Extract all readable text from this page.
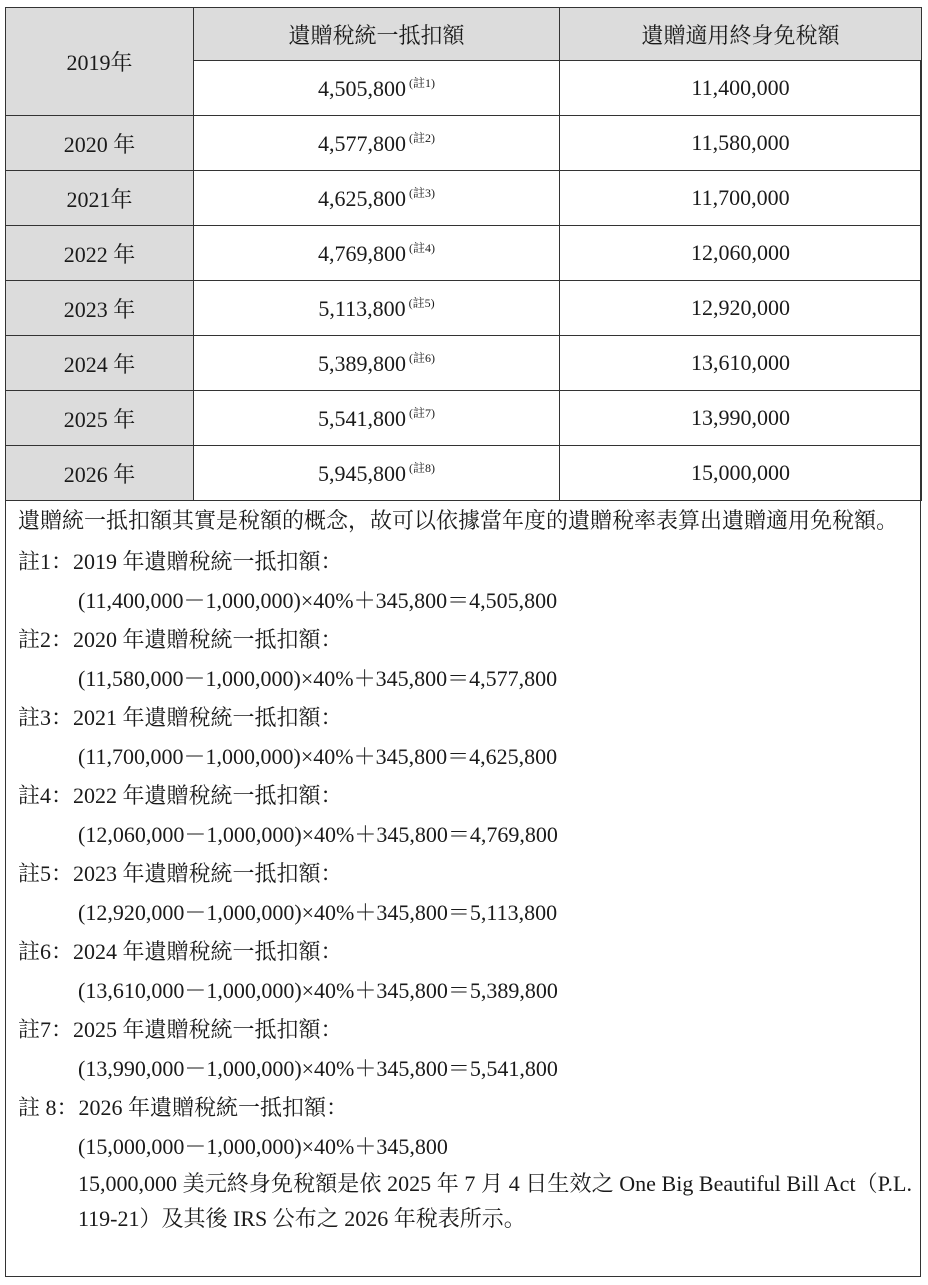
2019年	遺贈稅統一抵扣額	遺贈適用終身免稅額
	4,505,800 $^{(註1)}$	11,400,000
2020 年	4,577,800 $^{(註2)}$	11,580,000
2021年	4,625,800 $^{(註3)}$	11,700,000
2022 年	4,769,800 $^{(註4)}$	12,060,000
2023 年	5,113,800 $^{(註5)}$	12,920,000
2024 年	5,389,800 $^{(註6)}$	13,610,000
2025 年	5,541,800 $^{(註7)}$	13,990,000
2026 年	5,945,800 $^{(註8)}$	15,000,000
遺贈統一抵扣額其實是稅額的概念，故可以依據當年度的遺贈稅率表算出遺贈適用免稅額。
註1：2019 年遺贈稅統一抵扣額：
(11,400,000－1,000,000)×40%＋345,800＝4,505,800
註2：2020 年遺贈稅統一抵扣額：
(11,580,000－1,000,000)×40%＋345,800＝4,577,800
註3：2021 年遺贈稅統一抵扣額：
(11,700,000－1,000,000)×40%＋345,800＝4,625,800
註4：2022 年遺贈稅統一抵扣額：
(12,060,000－1,000,000)×40%＋345,800＝4,769,800
註5：2023 年遺贈稅統一抵扣額：
(12,920,000－1,000,000)×40%＋345,800＝5,113,800
註6：2024 年遺贈稅統一抵扣額：
(13,610,000－1,000,000)×40%＋345,800＝5,389,800
註7：2025 年遺贈稅統一抵扣額：
(13,990,000－1,000,000)×40%＋345,800＝5,541,800
註 8：2026 年遺贈稅統一抵扣額：
(15,000,000－1,000,000)×40%＋345,800
15,000,000 美元終身免稅額是依 2025 年 7 月 4 日生效之 One Big Beautiful Bill Act（P.L. 119-21）及其後 IRS 公布之 2026 年稅表所示。
